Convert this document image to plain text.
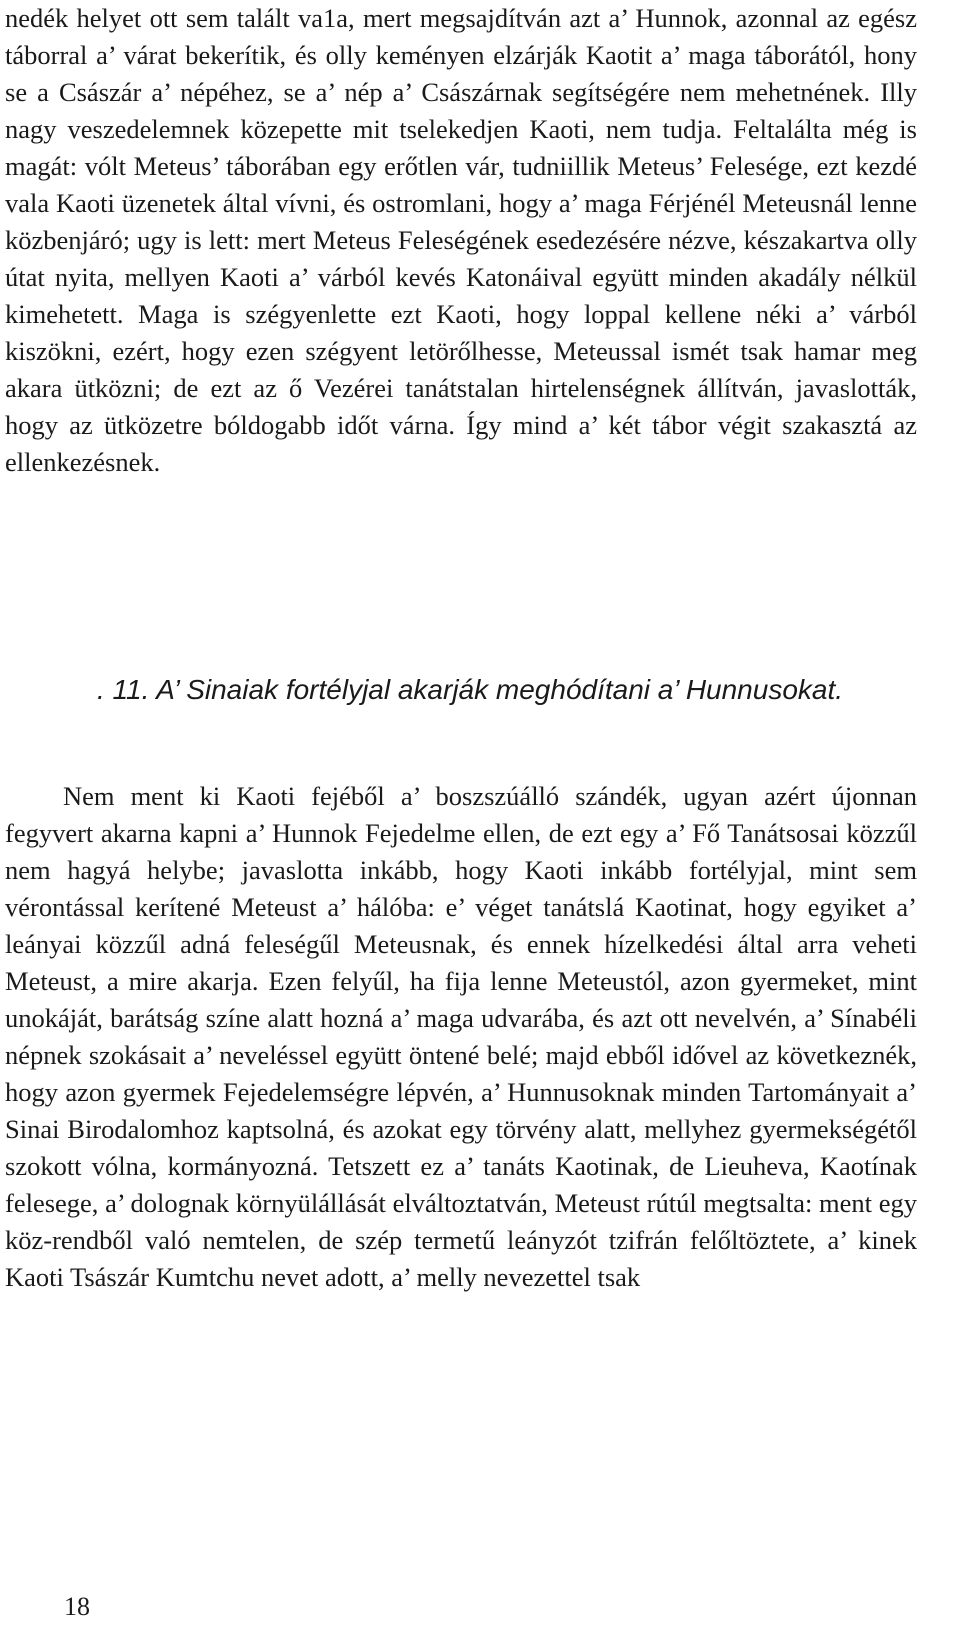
nedék helyet ott sem talált va1a, mert megsajdítván azt a’ Hunnok, azonnal az egész táborral a’ várat bekerítik, és olly keményen elzárják Kaotit a’ maga táborától, hony se a Császár a’ népéhez, se a’ nép a’ Császárnak segítségére nem mehetnének. Illy nagy veszedelemnek közepette mit tselekedjen Kaoti, nem tudja. Feltalálta még is magát: vólt Meteus’ táborában egy erőtlen vár, tudniillik Meteus’ Felesége, ezt kezdé vala Kaoti üzenetek által vívni, és ostromlani, hogy a’ maga Férjénél Meteusnál lenne közbenjáró; ugy is lett: mert Meteus Feleségének esedezésére nézve, készakartva olly útat nyita, mellyen Kaoti a’ várból kevés Katonáival együtt minden akadály nélkül kimehetett. Maga is szégyenlette ezt Kaoti, hogy loppal kellene néki a’ várból kiszökni, ezért, hogy ezen szégyent letörőlhesse, Meteussal ismét tsak hamar meg akara ütközni; de ezt az ő Vezérei tanátstalan hirtelenségnek állítván, javaslották, hogy az ütközetre bóldogabb időt várna. Így mind a’ két tábor végit szakasztá az ellenkezésnek.

. 11. A’ Sinaiak fortélyjal akarják meghódítani a’ Hunnusokat.

Nem ment ki Kaoti fejéből a’ boszszúálló szándék, ugyan azért újonnan fegyvert akarna kapni a’ Hunnok Fejedelme ellen, de ezt egy a’ Fő Tanátsosai közzűl nem hagyá helybe; javaslotta inkább, hogy Kaoti inkább fortélyjal, mint sem vérontással kerítené Meteust a’ hálóba: e’ véget tanátslá Kaotinat, hogy egyiket a’ leányai közzűl adná feleségűl Meteusnak, és ennek hízelkedési által arra veheti Meteust, a mire akarja. Ezen felyűl, ha fija lenne Meteustól, azon gyermeket, mint unokáját, barátság színe alatt hozná a’ maga udvarába, és azt ott nevelvén, a’ Sínabéli népnek szokásait a’ neveléssel együtt öntené belé; majd ebből idővel az következnék, hogy azon gyermek Fejedelemségre lépvén, a’ Hunnusoknak minden Tartományait a’ Sinai Birodalomhoz kaptsolná, és azokat egy törvény alatt, mellyhez gyermekségétől szokott vólna, kormányozná. Tetszett ez a’ tanáts Kaotinak, de Lieuheva, Kaotínak felesege, a’ dolognak környülállását elváltoztatván, Meteust rútúl megtsalta: ment egy köz-rendből való nemtelen, de szép termetű leányzót tzifrán felőltöztete, a’ kinek Kaoti Tsászár Kumtchu nevet adott, a’ melly nevezettel tsak

18
